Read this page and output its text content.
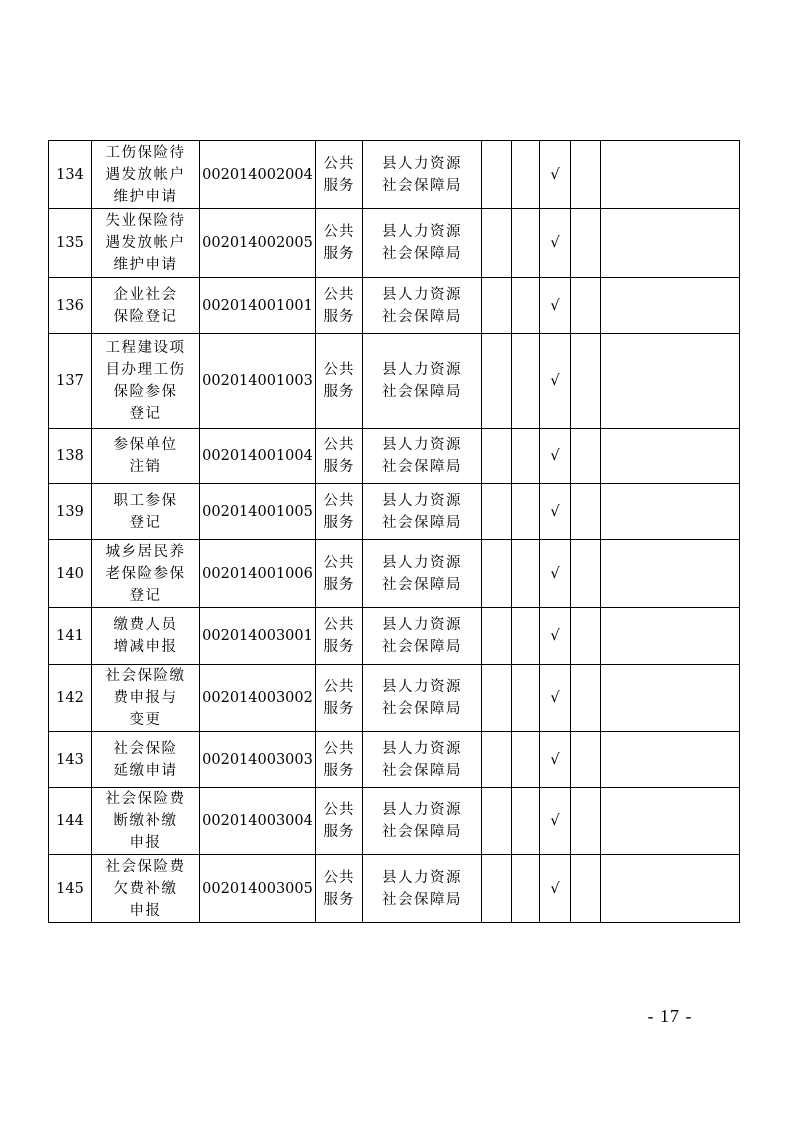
134	工伤保险待
遇发放帐户
维护申请	002014002004	公共
服务	县人力资源
社会保障局			√		
135	失业保险待
遇发放帐户
维护申请	002014002005	公共
服务	县人力资源
社会保障局			√		
136	企业社会
保险登记	002014001001	公共
服务	县人力资源
社会保障局			√		
137	工程建设项
目办理工伤
保险参保
登记	002014001003	公共
服务	县人力资源
社会保障局			√		
138	参保单位
注销	002014001004	公共
服务	县人力资源
社会保障局			√		
139	职工参保
登记	002014001005	公共
服务	县人力资源
社会保障局			√		
140	城乡居民养
老保险参保
登记	002014001006	公共
服务	县人力资源
社会保障局			√		
141	缴费人员
增减申报	002014003001	公共
服务	县人力资源
社会保障局			√		
142	社会保险缴
费申报与
变更	002014003002	公共
服务	县人力资源
社会保障局			√		
143	社会保险
延缴申请	002014003003	公共
服务	县人力资源
社会保障局			√		
144	社会保险费
断缴补缴
申报	002014003004	公共
服务	县人力资源
社会保障局			√		
145	社会保险费
欠费补缴
申报	002014003005	公共
服务	县人力资源
社会保障局			√		
- 17 -
